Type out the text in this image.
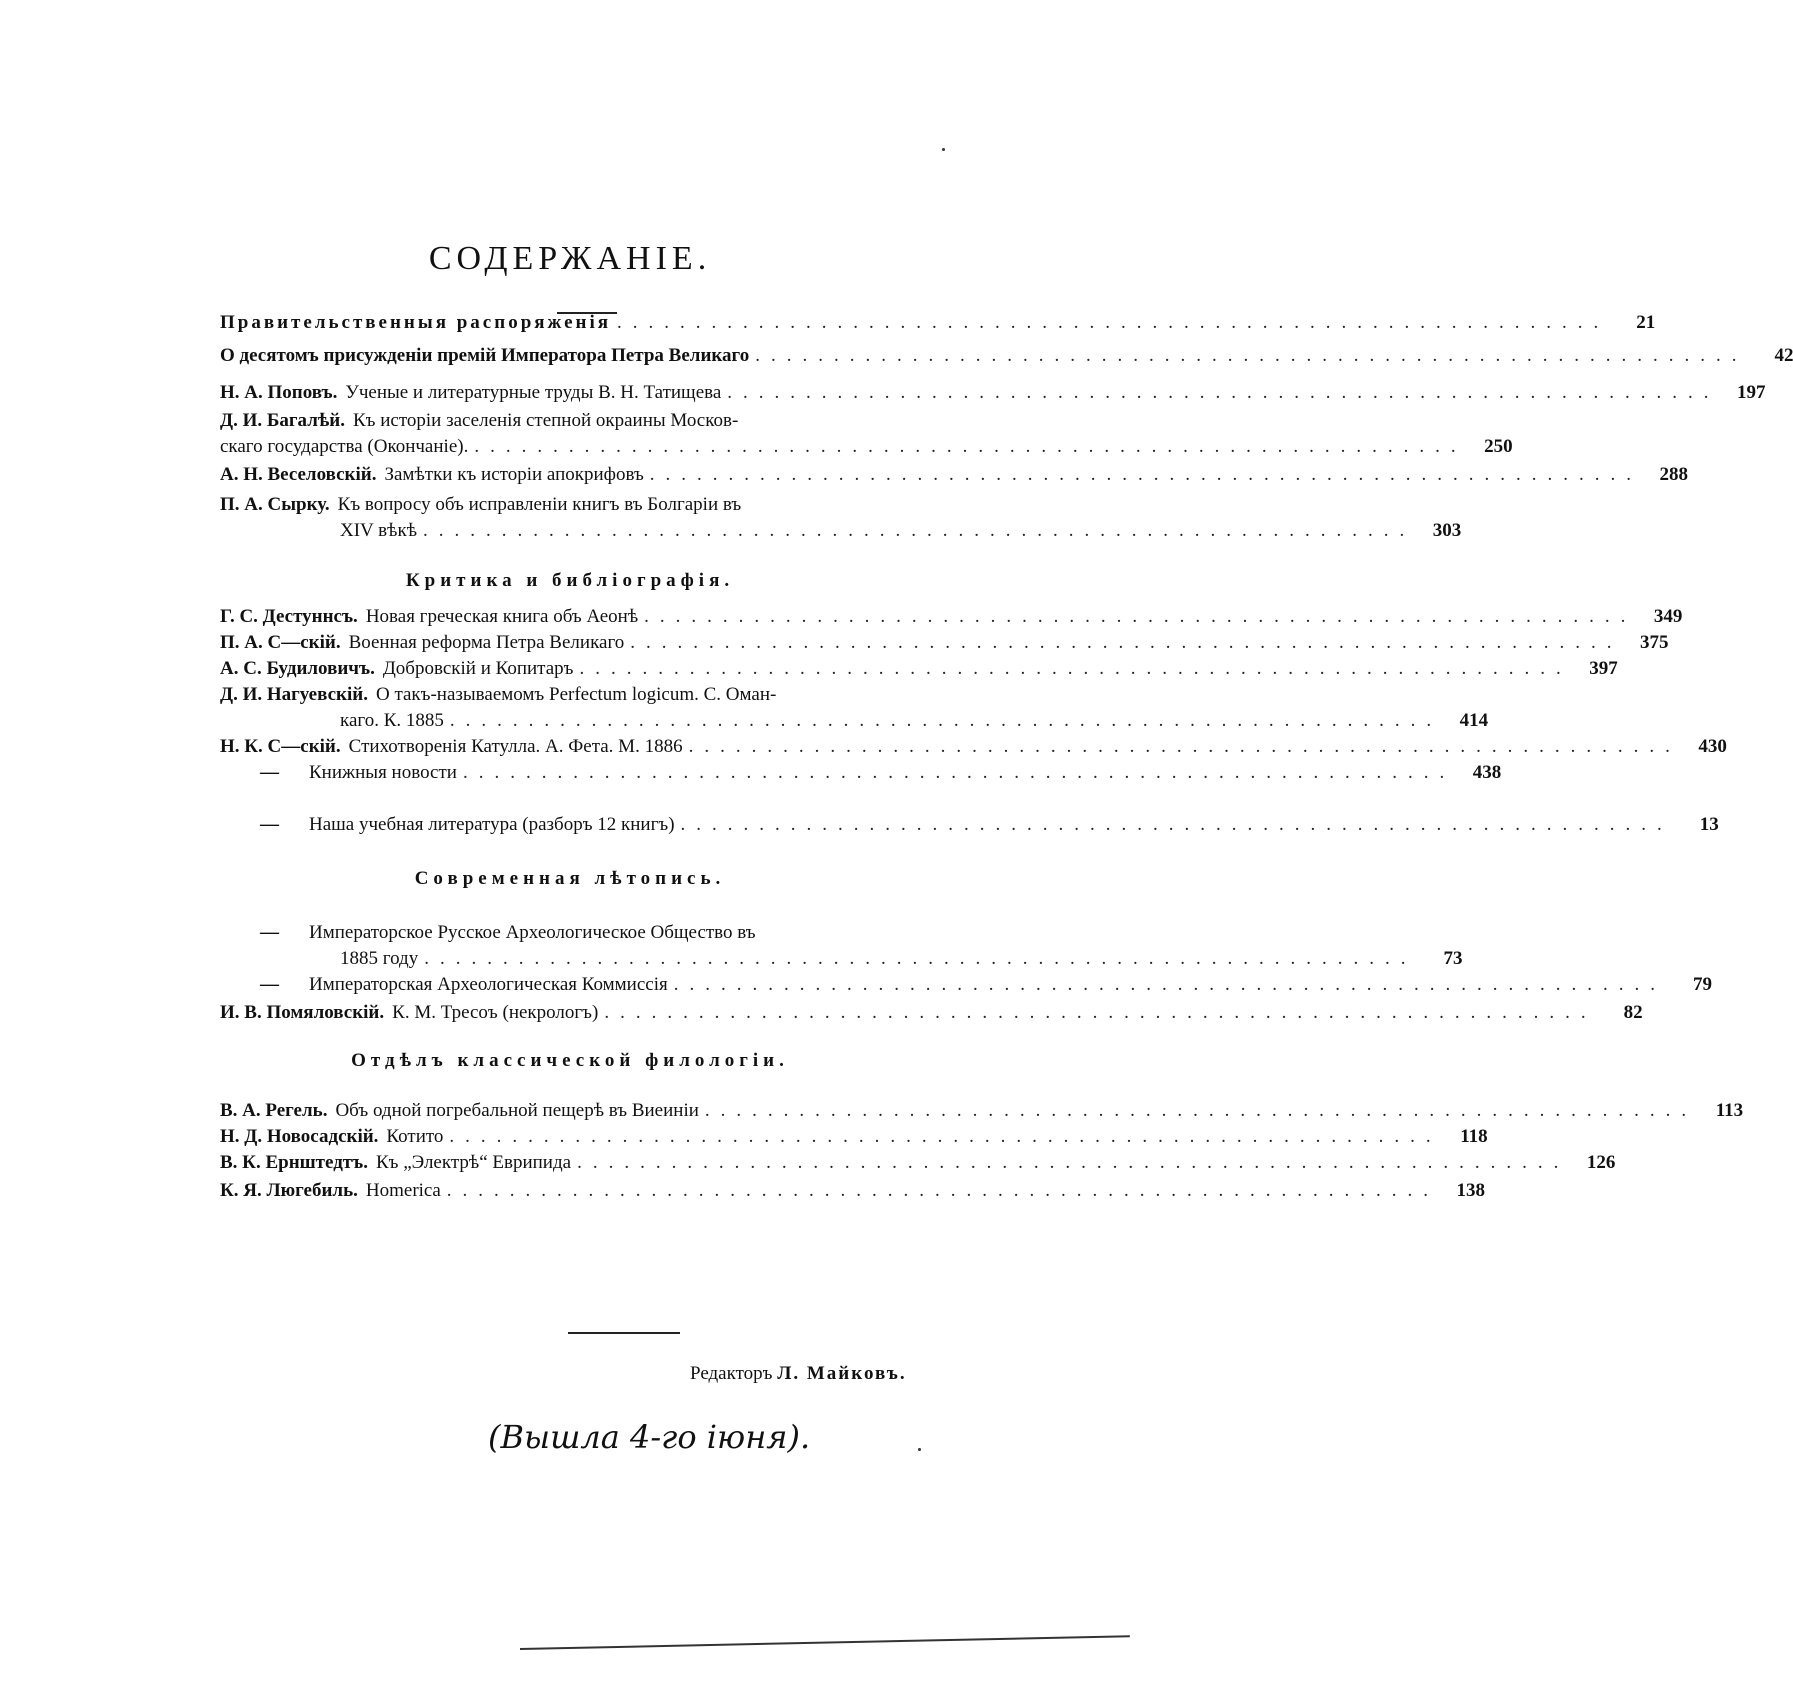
СОДЕРЖАНІЕ.
Правительственныя распоряженія ...............................................................	21
О десятомъ присужденіи премій Императора Петра Великаго ...............................................................	42
Н. А. Поповъ. Ученые и литературные труды В. Н. Татищева ............................................................... 197
Д. И. Багалѣй. Къ исторіи заселенія степной окраины Москов-
скаго государства (Окончаніе). ............................................................... 250
А. Н. Веселовскій. Замѣтки къ исторіи апокрифовъ ............................................................... 288
П. А. Сырку. Къ вопросу объ исправленіи книгъ въ Болгаріи въ
XIV вѣкѣ ............................................................... 303
Критика и библіографія.
Г. С. Дестуннсъ. Новая греческая книга объ Аеонѣ ............................................................... 349
П. А. С—скій. Военная реформа Петра Великаго ............................................................... 375
А. С. Будиловичъ. Добровскій и Копитаръ ............................................................... 397
Д. И. Нагуевскій. О такъ-называемомъ Perfectum logicum. С. Оман-
каго. К. 1885 ............................................................... 414
Н. К. С—скій. Стихотворенія Катулла. А. Фета. М. 1886 ............................................................... 430
— Книжныя новости ............................................................... 438
— Наша учебная литература (разборъ 12 книгъ) ...............................................................	13
Современная лѣтопись.
— Императорское Русское Археологическое Общество въ
1885 году ...............................................................	73
— Императорская Археологическая Коммиссія ...............................................................	79
И. В. Помяловскій. К. М. Тресоъ (некрологъ) ...............................................................	82
Отдѣлъ классической филологіи.
В. А. Регель. Объ одной погребальной пещерѣ въ Виеиніи ............................................................... 113
Н. Д. Новосадскій. Котито ............................................................... 118
В. К. Ернштедтъ. Къ „Электрѣ“ Еврипида ............................................................... 126
К. Я. Люгебиль. Homerica ............................................................... 138
Редакторъ Л. Майковъ.
(Вышла 4-го іюня).
